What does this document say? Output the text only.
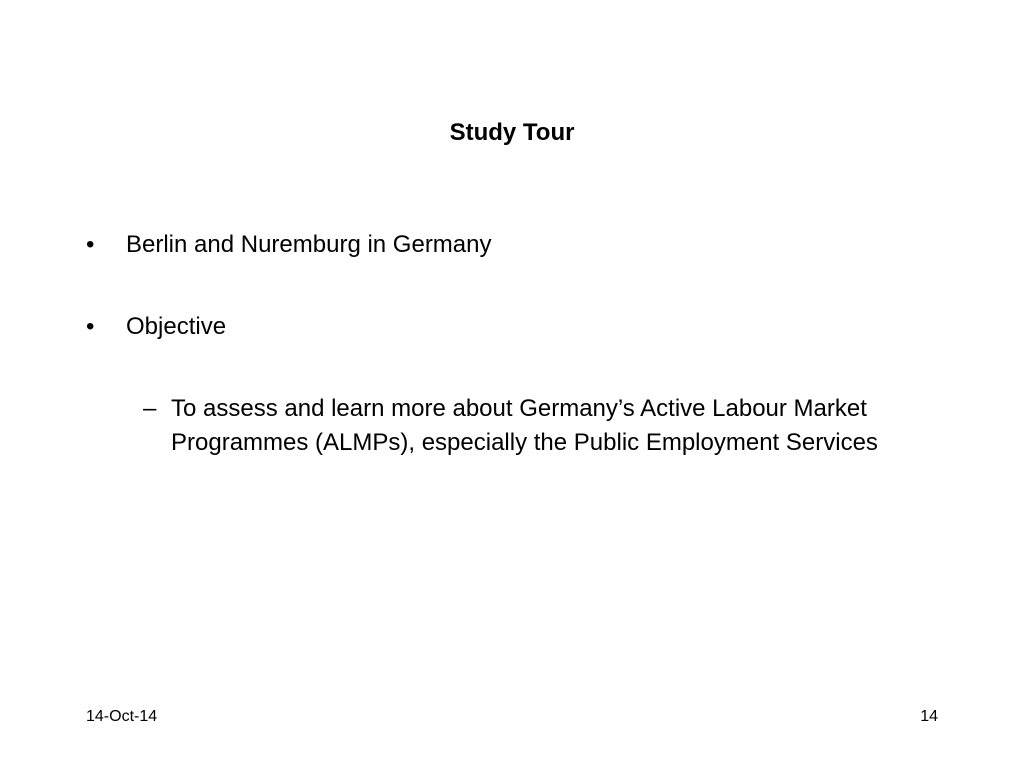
Study Tour
•	Berlin and Nuremburg in Germany
•	Objective
– To assess and learn more about Germany’s Active Labour Market Programmes (ALMPs), especially the Public Employment Services
14-Oct-14	14
